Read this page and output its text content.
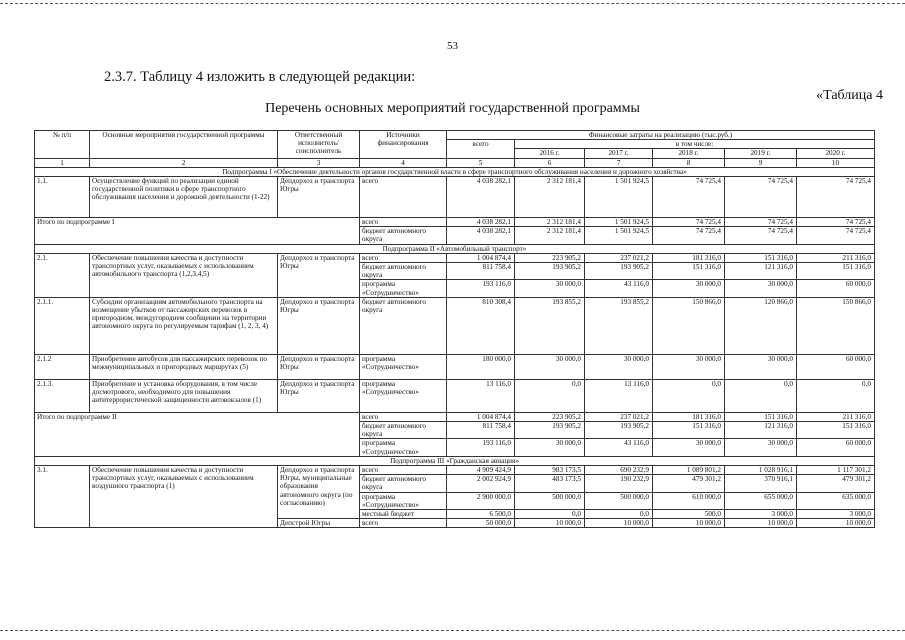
53
2.3.7. Таблицу 4 изложить в следующей редакции:
«Таблица 4
Перечень основных мероприятий государственной программы
№ п/п	Основные мероприятия государственной программы	Ответственный исполнитель/ соисполнитель	Источники финансирования	Финансовые затраты на реализацию (тыс.руб.)					
				всего	в том числе:				
					2016 г.	2017 г.	2018 г.	2019 г.	2020 г.
1	2	3	4	5	6	7	8	9	10
Подпрограмма I «Обеспечение деятельности органов государственной власти в сфере транспортного обслуживания населения и дорожного хозяйства»									
1.1.	Осуществление функций по реализации единой государственной политики в сфере транспортного обслуживания населения и дорожной деятельности (1-22)	Депдорхоз и транспорта Югры	всего	4 038 282,1	2 312 181,4	1 501 924,5	74 725,4	74 725,4	74 725,4
Итого по подпрограмме I			всего	4 038 282,1	2 312 181,4	1 501 924,5	74 725,4	74 725,4	74 725,4
			бюджет автономного округа	4 038 282,1	2 312 181,4	1 501 924,5	74 725,4	74 725,4	74 725,4
Подпрограмма II «Автомобильный транспорт»									
2.1.	Обеспечение повышения качества и доступности транспортных услуг, оказываемых с использованием автомобильного транспорта (1,2,3,4,5)	Депдорхоз и транспорта Югры	всего	1 004 874,4	223 905,2	237 021,2	181 316,0	151 316,0	211 316,0
			бюджет автономного округа	811 758,4	193 905,2	193 905,2	151 316,0	121 316,0	151 316,0
			программа «Сотрудничество»	193 116,0	30 000,0	43 116,0	30 000,0	30 000,0	60 000,0
2.1.1.	Субсидии организациям автомобильного транспорта на возмещение убытков от пассажирских перевозок в пригородном, междугороднем сообщении на территории автономного округа по регулируемым тарифам (1, 2, 3, 4)	Депдорхоз и транспорта Югры	бюджет автономного округа	810 308,4	193 855,2	193 855,2	150 866,0	120 866,0	150 866,0
2.1.2	Приобретение автобусов для пассажирских перевозок по межмуниципальных и пригородных маршрутах (5)	Депдорхоз и транспорта Югры	программа «Сотрудничество»	180 000,0	30 000,0	30 000,0	30 000,0	30 000,0	60 000,0
2.1.3.	Приобретение и установка оборудования, в том числе досмотрового, необходимого для повышения антитеррористической защищенности автовокзалов (1)	Депдорхоз и транспорта Югры	программа «Сотрудничество»	13 116,0	0,0	13 116,0	0,0	0,0	0,0
Итого по подпрограмме II			всего	1 004 874,4	223 905,2	237 021,2	181 316,0	151 316,0	211 316,0
			бюджет автономного округа	811 758,4	193 905,2	193 905,2	151 316,0	121 316,0	151 316,0
			программа «Сотрудничество»	193 116,0	30 000,0	43 116,0	30 000,0	30 000,0	60 000,0
Подпрограмма III «Гражданская авиация»									
3.1.	Обеспечение повышения качества и доступности транспортных услуг, оказываемых с использованием воздушного транспорта (1)	Депдорхоз и транспорта Югры, муниципальные образования автономного округа (по согласованию)	всего	4 909 424,9	983 173,5	690 232,9	1 089 801,2	1 028 916,1	1 117 301,2
			бюджет автономного округа	2 002 924,9	483 173,5	190 232,9	479 301,2	370 916,1	479 301,2
			программа «Сотрудничество»	2 900 000,0	500 000,0	500 000,0	610 000,0	655 000,0	635 000,0
			местный бюджет	6 500,0	0,0	0,0	500,0	3 000,0	3 000,0
		Депстрой Югры	всего	50 000,0	10 000,0	10 000,0	10 000,0	10 000,0	10 000,0
